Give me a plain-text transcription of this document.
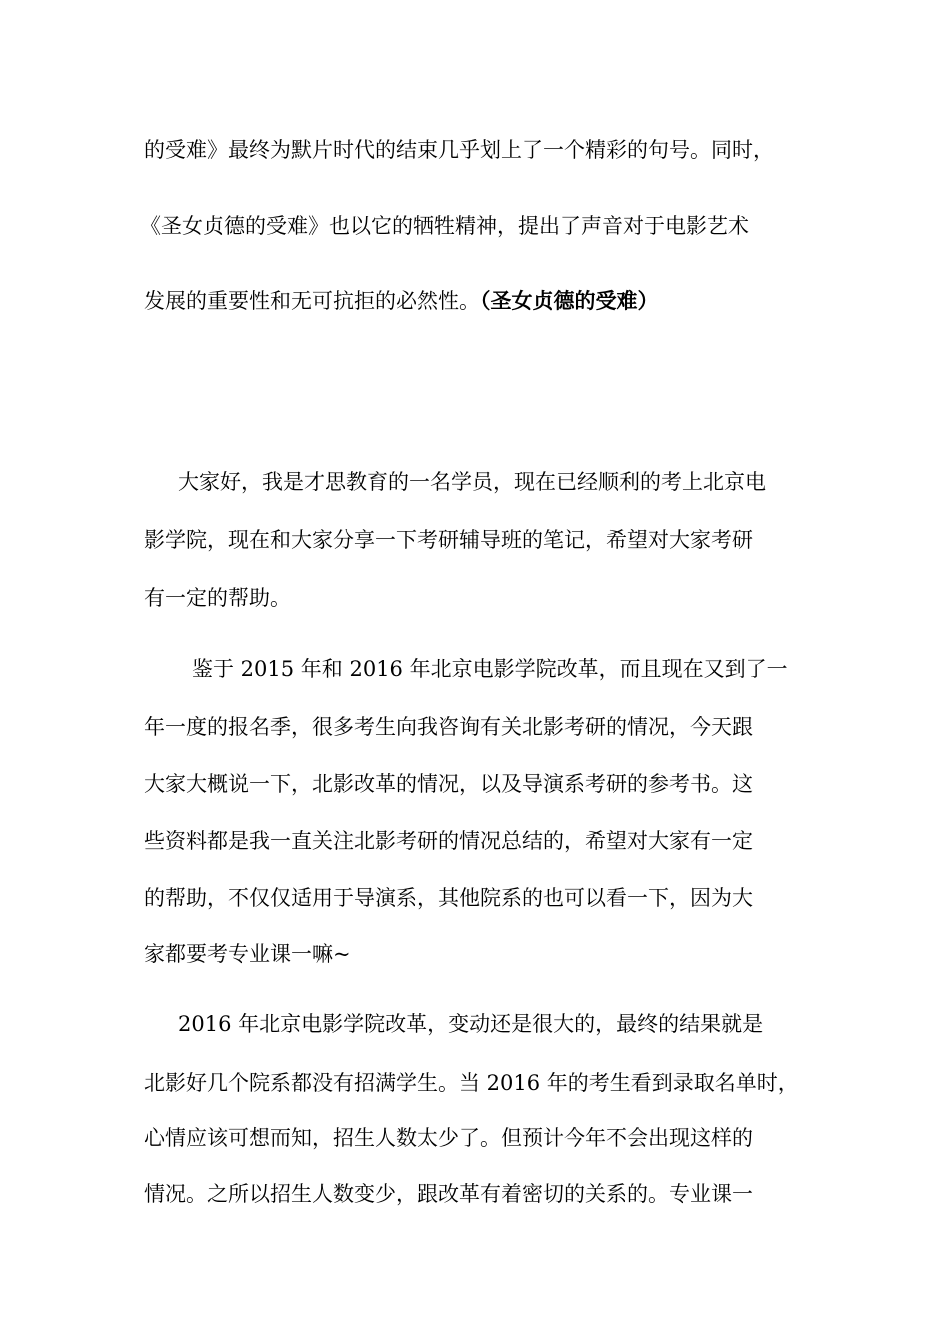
的受难》最终为默片时代的结束几乎划上了一个精彩的句号。同时，
《圣女贞德的受难》也以它的牺牲精神，提出了声音对于电影艺术
发展的重要性和无可抗拒的必然性。（圣女贞德的受难）
大家好，我是才思教育的一名学员，现在已经顺利的考上北京电
影学院，现在和大家分享一下考研辅导班的笔记，希望对大家考研
有一定的帮助。
鉴于 2015 年和 2016 年北京电影学院改革，而且现在又到了一
年一度的报名季，很多考生向我咨询有关北影考研的情况，今天跟
大家大概说一下，北影改革的情况，以及导演系考研的参考书。这
些资料都是我一直关注北影考研的情况总结的，希望对大家有一定
的帮助，不仅仅适用于导演系，其他院系的也可以看一下，因为大
家都要考专业课一嘛~
2016 年北京电影学院改革，变动还是很大的，最终的结果就是
北影好几个院系都没有招满学生。当 2016 年的考生看到录取名单时，
心情应该可想而知，招生人数太少了。但预计今年不会出现这样的
情况。之所以招生人数变少，跟改革有着密切的关系的。专业课一
